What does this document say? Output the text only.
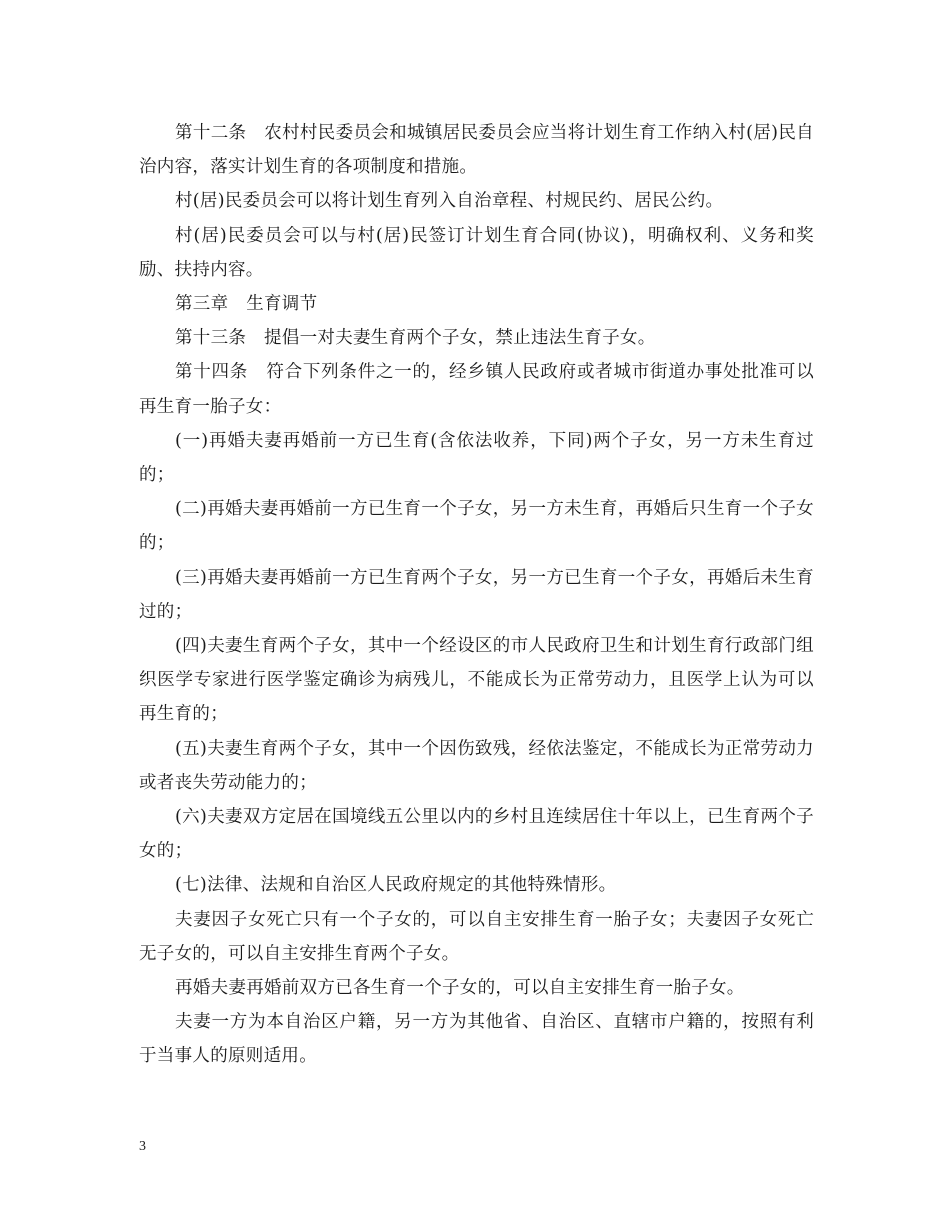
第十二条　农村村民委员会和城镇居民委员会应当将计划生育工作纳入村(居)民自治内容，落实计划生育的各项制度和措施。

村(居)民委员会可以将计划生育列入自治章程、村规民约、居民公约。

村(居)民委员会可以与村(居)民签订计划生育合同(协议)，明确权利、义务和奖励、扶持内容。

第三章　生育调节

第十三条　提倡一对夫妻生育两个子女，禁止违法生育子女。

第十四条　符合下列条件之一的，经乡镇人民政府或者城市街道办事处批准可以再生育一胎子女：

(一)再婚夫妻再婚前一方已生育(含依法收养，下同)两个子女，另一方未生育过的；

(二)再婚夫妻再婚前一方已生育一个子女，另一方未生育，再婚后只生育一个子女的；

(三)再婚夫妻再婚前一方已生育两个子女，另一方已生育一个子女，再婚后未生育过的；

(四)夫妻生育两个子女，其中一个经设区的市人民政府卫生和计划生育行政部门组织医学专家进行医学鉴定确诊为病残儿，不能成长为正常劳动力，且医学上认为可以再生育的；

(五)夫妻生育两个子女，其中一个因伤致残，经依法鉴定，不能成长为正常劳动力或者丧失劳动能力的；

(六)夫妻双方定居在国境线五公里以内的乡村且连续居住十年以上，已生育两个子女的；

(七)法律、法规和自治区人民政府规定的其他特殊情形。

夫妻因子女死亡只有一个子女的，可以自主安排生育一胎子女；夫妻因子女死亡无子女的，可以自主安排生育两个子女。

再婚夫妻再婚前双方已各生育一个子女的，可以自主安排生育一胎子女。

夫妻一方为本自治区户籍，另一方为其他省、自治区、直辖市户籍的，按照有利于当事人的原则适用。

3
